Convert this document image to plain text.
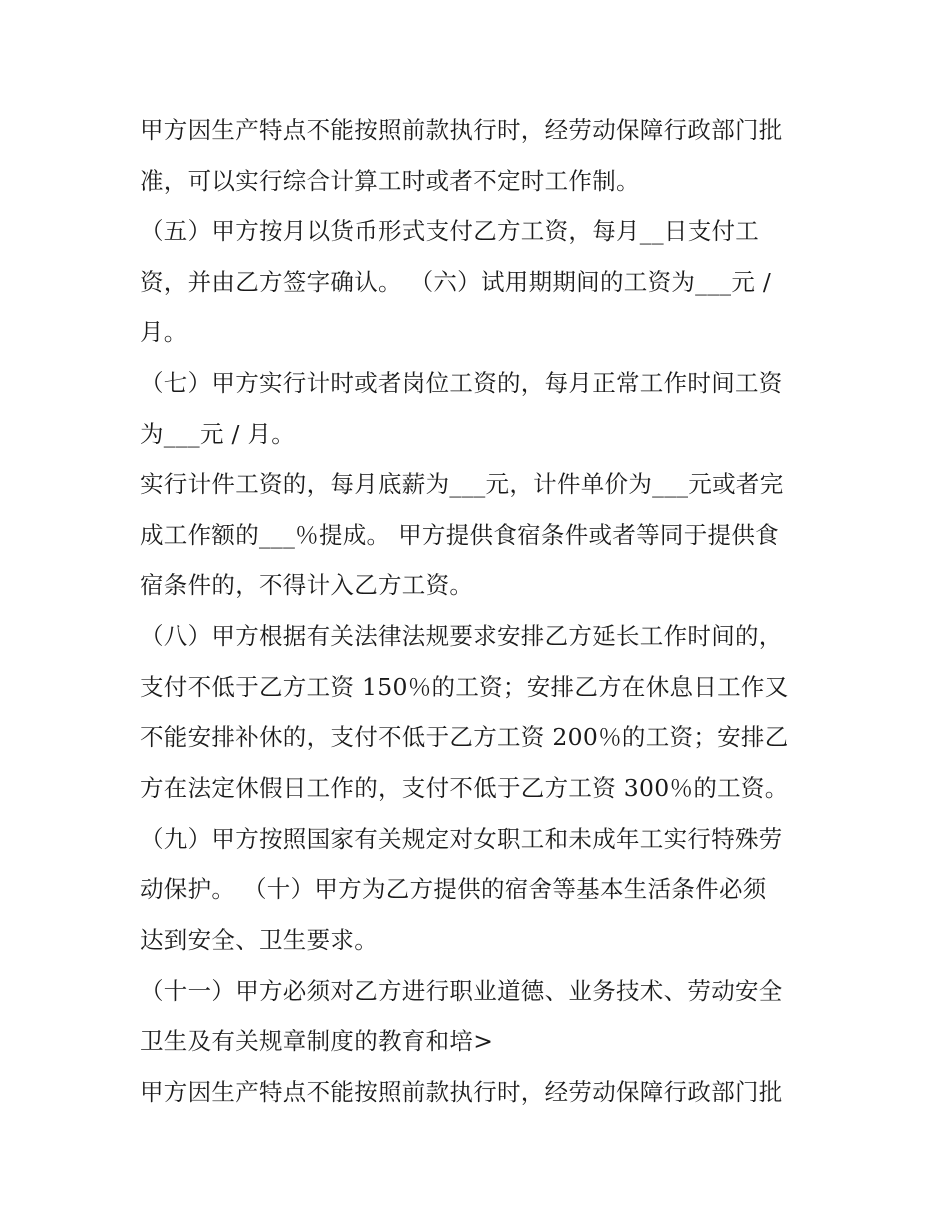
甲方因生产特点不能按照前款执行时，经劳动保障行政部门批
准，可以实行综合计算工时或者不定时工作制。
（五）甲方按月以货币形式支付乙方工资，每月__日支付工
资，并由乙方签字确认。 （六）试用期期间的工资为___元 /
月。
（七）甲方实行计时或者岗位工资的，每月正常工作时间工资
为___元 / 月。
实行计件工资的，每月底薪为___元，计件单价为___元或者完
成工作额的___％提成。 甲方提供食宿条件或者等同于提供食
宿条件的，不得计入乙方工资。
（八）甲方根据有关法律法规要求安排乙方延长工作时间的，
支付不低于乙方工资 150％的工资；安排乙方在休息日工作又
不能安排补休的，支付不低于乙方工资 200％的工资；安排乙
方在法定休假日工作的，支付不低于乙方工资 300％的工资。
（九）甲方按照国家有关规定对女职工和未成年工实行特殊劳
动保护。 （十）甲方为乙方提供的宿舍等基本生活条件必须
达到安全、卫生要求。
（十一）甲方必须对乙方进行职业道德、业务技术、劳动安全
卫生及有关规章制度的教育和培>
甲方因生产特点不能按照前款执行时，经劳动保障行政部门批
